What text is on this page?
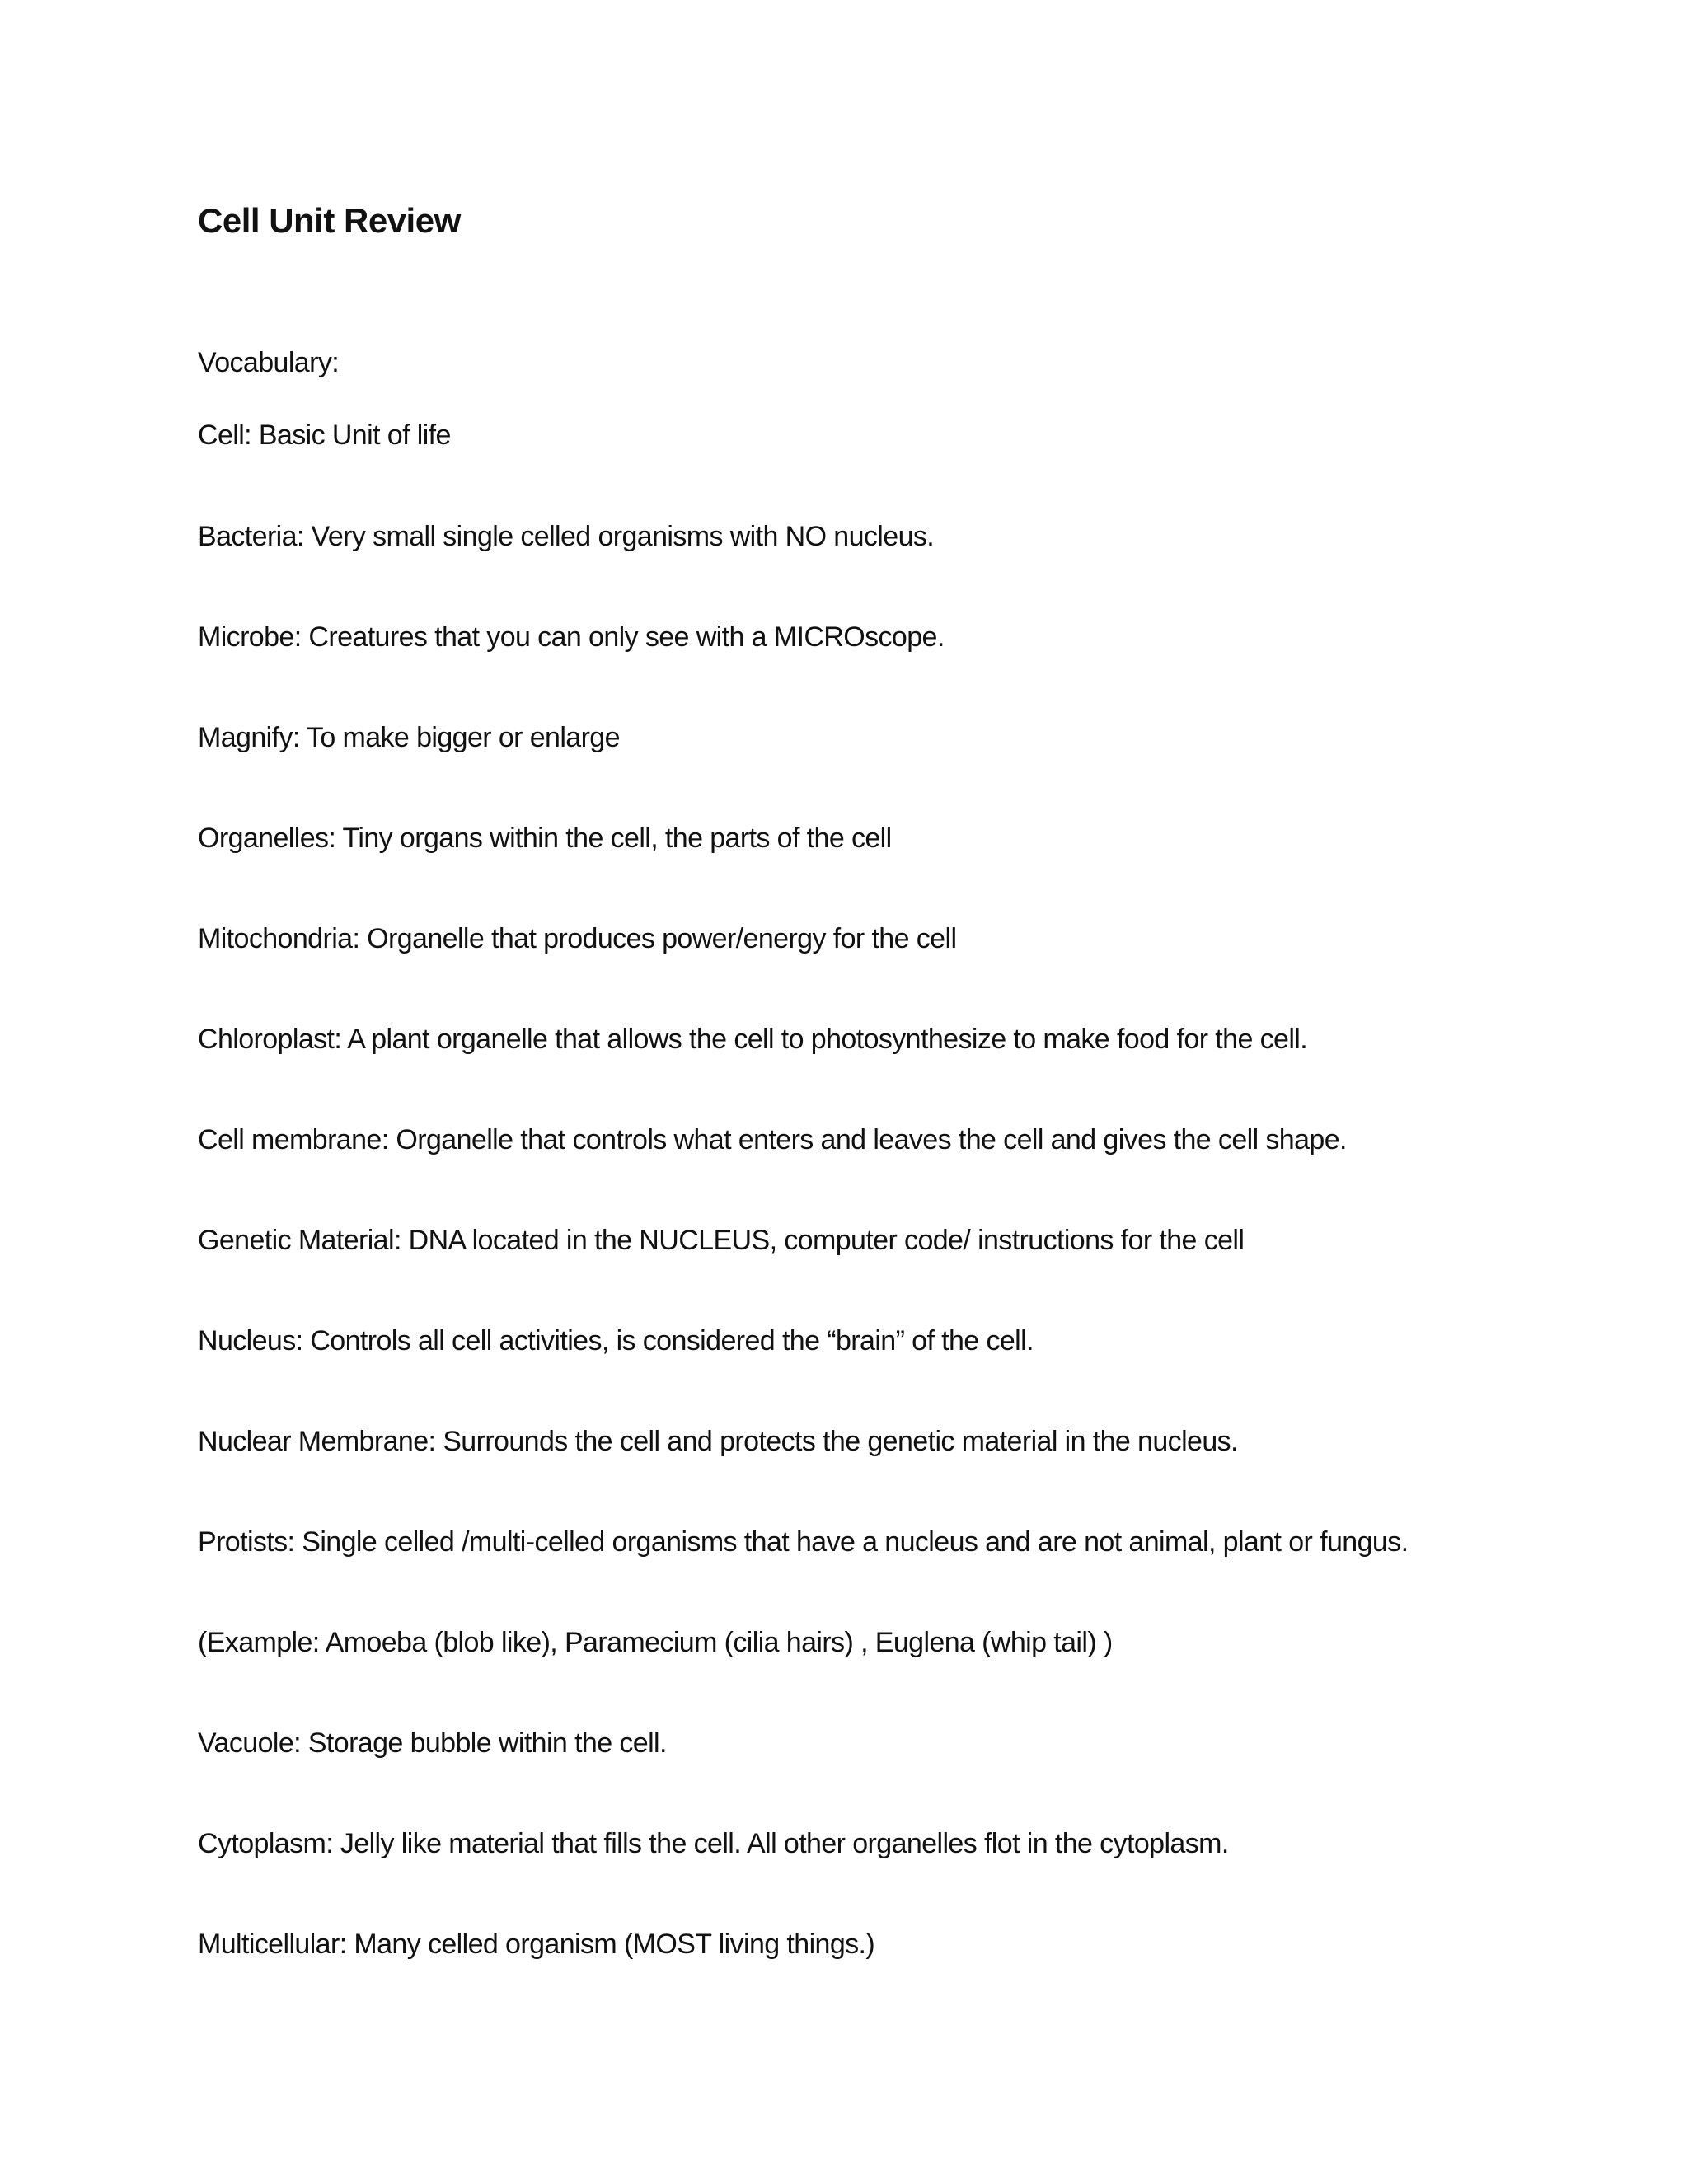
Cell Unit Review
Vocabulary:
Cell: Basic Unit of life
Bacteria: Very small single celled organisms with NO nucleus.
Microbe: Creatures that you can only see with a MICROscope.
Magnify: To make bigger or enlarge
Organelles: Tiny organs within the cell, the parts of the cell
Mitochondria: Organelle that produces power/energy for the cell
Chloroplast: A plant organelle that allows the cell to photosynthesize to make food for the cell.
Cell membrane: Organelle that controls what enters and leaves the cell and gives the cell shape.
Genetic Material: DNA located in the NUCLEUS, computer code/ instructions for the cell
Nucleus: Controls all cell activities, is considered the “brain” of the cell.
Nuclear Membrane: Surrounds the cell and protects the genetic material in the nucleus.
Protists: Single celled /multi-celled organisms that have a nucleus and are not animal, plant or fungus.
(Example: Amoeba (blob like), Paramecium (cilia hairs) , Euglena (whip tail) )
Vacuole: Storage bubble within the cell.
Cytoplasm: Jelly like material that fills the cell. All other organelles flot in the cytoplasm.
Multicellular: Many celled organism (MOST living things.)
